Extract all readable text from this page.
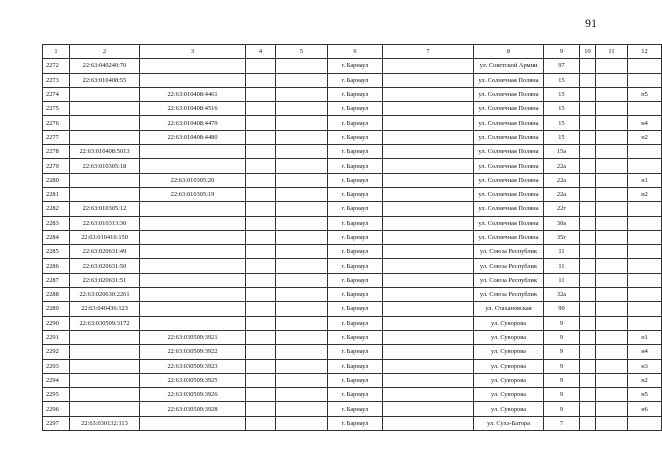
91
1	2	3	4	5	6	7	8	9	10	11	12
2272	22:63:040240:70				г. Барнаул		ул. Советской Армии	97			
2273	22:63:010408:55				г. Барнаул		ул. Солнечная Поляна	15			
2274		22:63:010408:4461			г. Барнаул		ул. Солнечная Поляна	15			п5
2275		22:63:010408:4516			г. Барнаул		ул. Солнечная Поляна	15			
2276		22:63:010408:4479			г. Барнаул		ул. Солнечная Поляна	15			н4
2277		22:63:010408:4480			г. Барнаул		ул. Солнечная Поляна	15			н2
2278	22:63:010408:5013				г. Барнаул		ул. Солнечная Поляна	15а			
2279	22:63:010305:18				г. Барнаул		ул. Солнечная Поляна	22а			
2280		22:63:010305:20			г. Барнаул		ул. Солнечная Поляна	22а			н1
2281		22:63:010305:19			г. Барнаул		ул. Солнечная Поляна	22а			н2
2282	22:63:010305:12				г. Барнаул		ул. Солнечная Поляна	22г			
2283	22:63:010313:30				г. Барнаул		ул. Солнечная Поляна	30а			
2284	22:63:010416:150				г. Барнаул		ул. Солнечная Поляна	35г			
2285	22:63:020631:49				г. Барнаул		ул. Союза Республик	11			
2286	22:63:020631:50				г. Барнаул		ул. Союза Республик	11			
2287	22:63:020631:51				г. Барнаул		ул. Союза Республик	11			
2288	22:63:020630:2261				г. Барнаул		ул. Союза Республик	32а			
2289	22:63:040436:123				г. Барнаул		ул. Стахановская	90			
2290	22:63:030509:3172				г. Барнаул		ул. Суворова	9			
2291		22:63:030509:3921			г. Барнаул		ул. Суворова	9			н1
2292		22:63:030509:3922			г. Барнаул		ул. Суворова	9			н4
2293		22:63:030509:3923			г. Барнаул		ул. Суворова	9			н3
2294		22:63:030509:3925			г. Барнаул		ул. Суворова	9			н2
2295		22:63:030509:3926			г. Барнаул		ул. Суворова	9			н5
2296		22:63:030509:3928			г. Барнаул		ул. Суворова	9			н6
2297	22:63:030132:113				г. Барнаул		ул. Сухэ-Батора	7			
